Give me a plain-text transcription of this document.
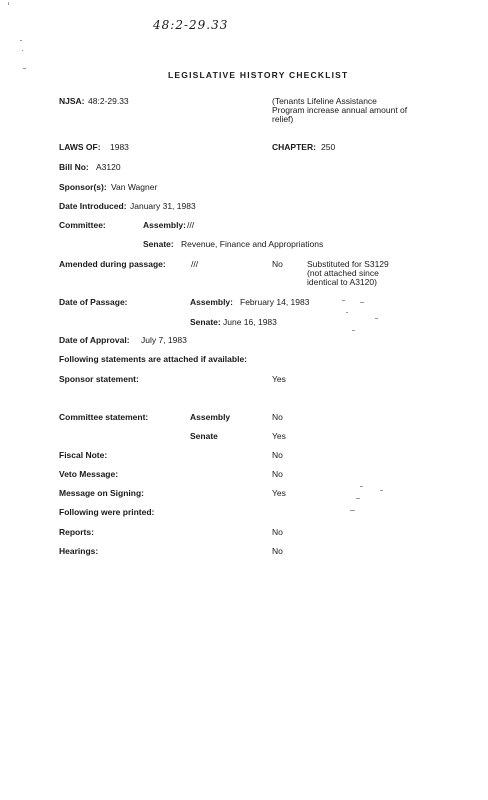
48:2-29.33
LEGISLATIVE HISTORY CHECKLIST
NJSA: 48:2-29.33	(Tenants Lifeline Assistance
Program increase annual amount of
relief)
LAWS OF: 1983	CHAPTER: 250
Bill No: A3120
Sponsor(s): Van Wagner
Date Introduced: January 31, 1983
Committee:	Assembly: ///
Senate: Revenue, Finance and Appropriations
Amended during passage:	///	No	Substituted for S3129
(not attached since
identical to A3120)
Date of Passage:	Assembly: February 14, 1983
Senate: June 16, 1983
Date of Approval: July 7, 1983
Following statements are attached if available:
Sponsor statement:	Yes
Committee statement:	Assembly	No
Senate	Yes
Fiscal Note:	No
Veto Message:	No
Message on Signing:	Yes
Following were printed:
Reports:	No
Hearings:	No
